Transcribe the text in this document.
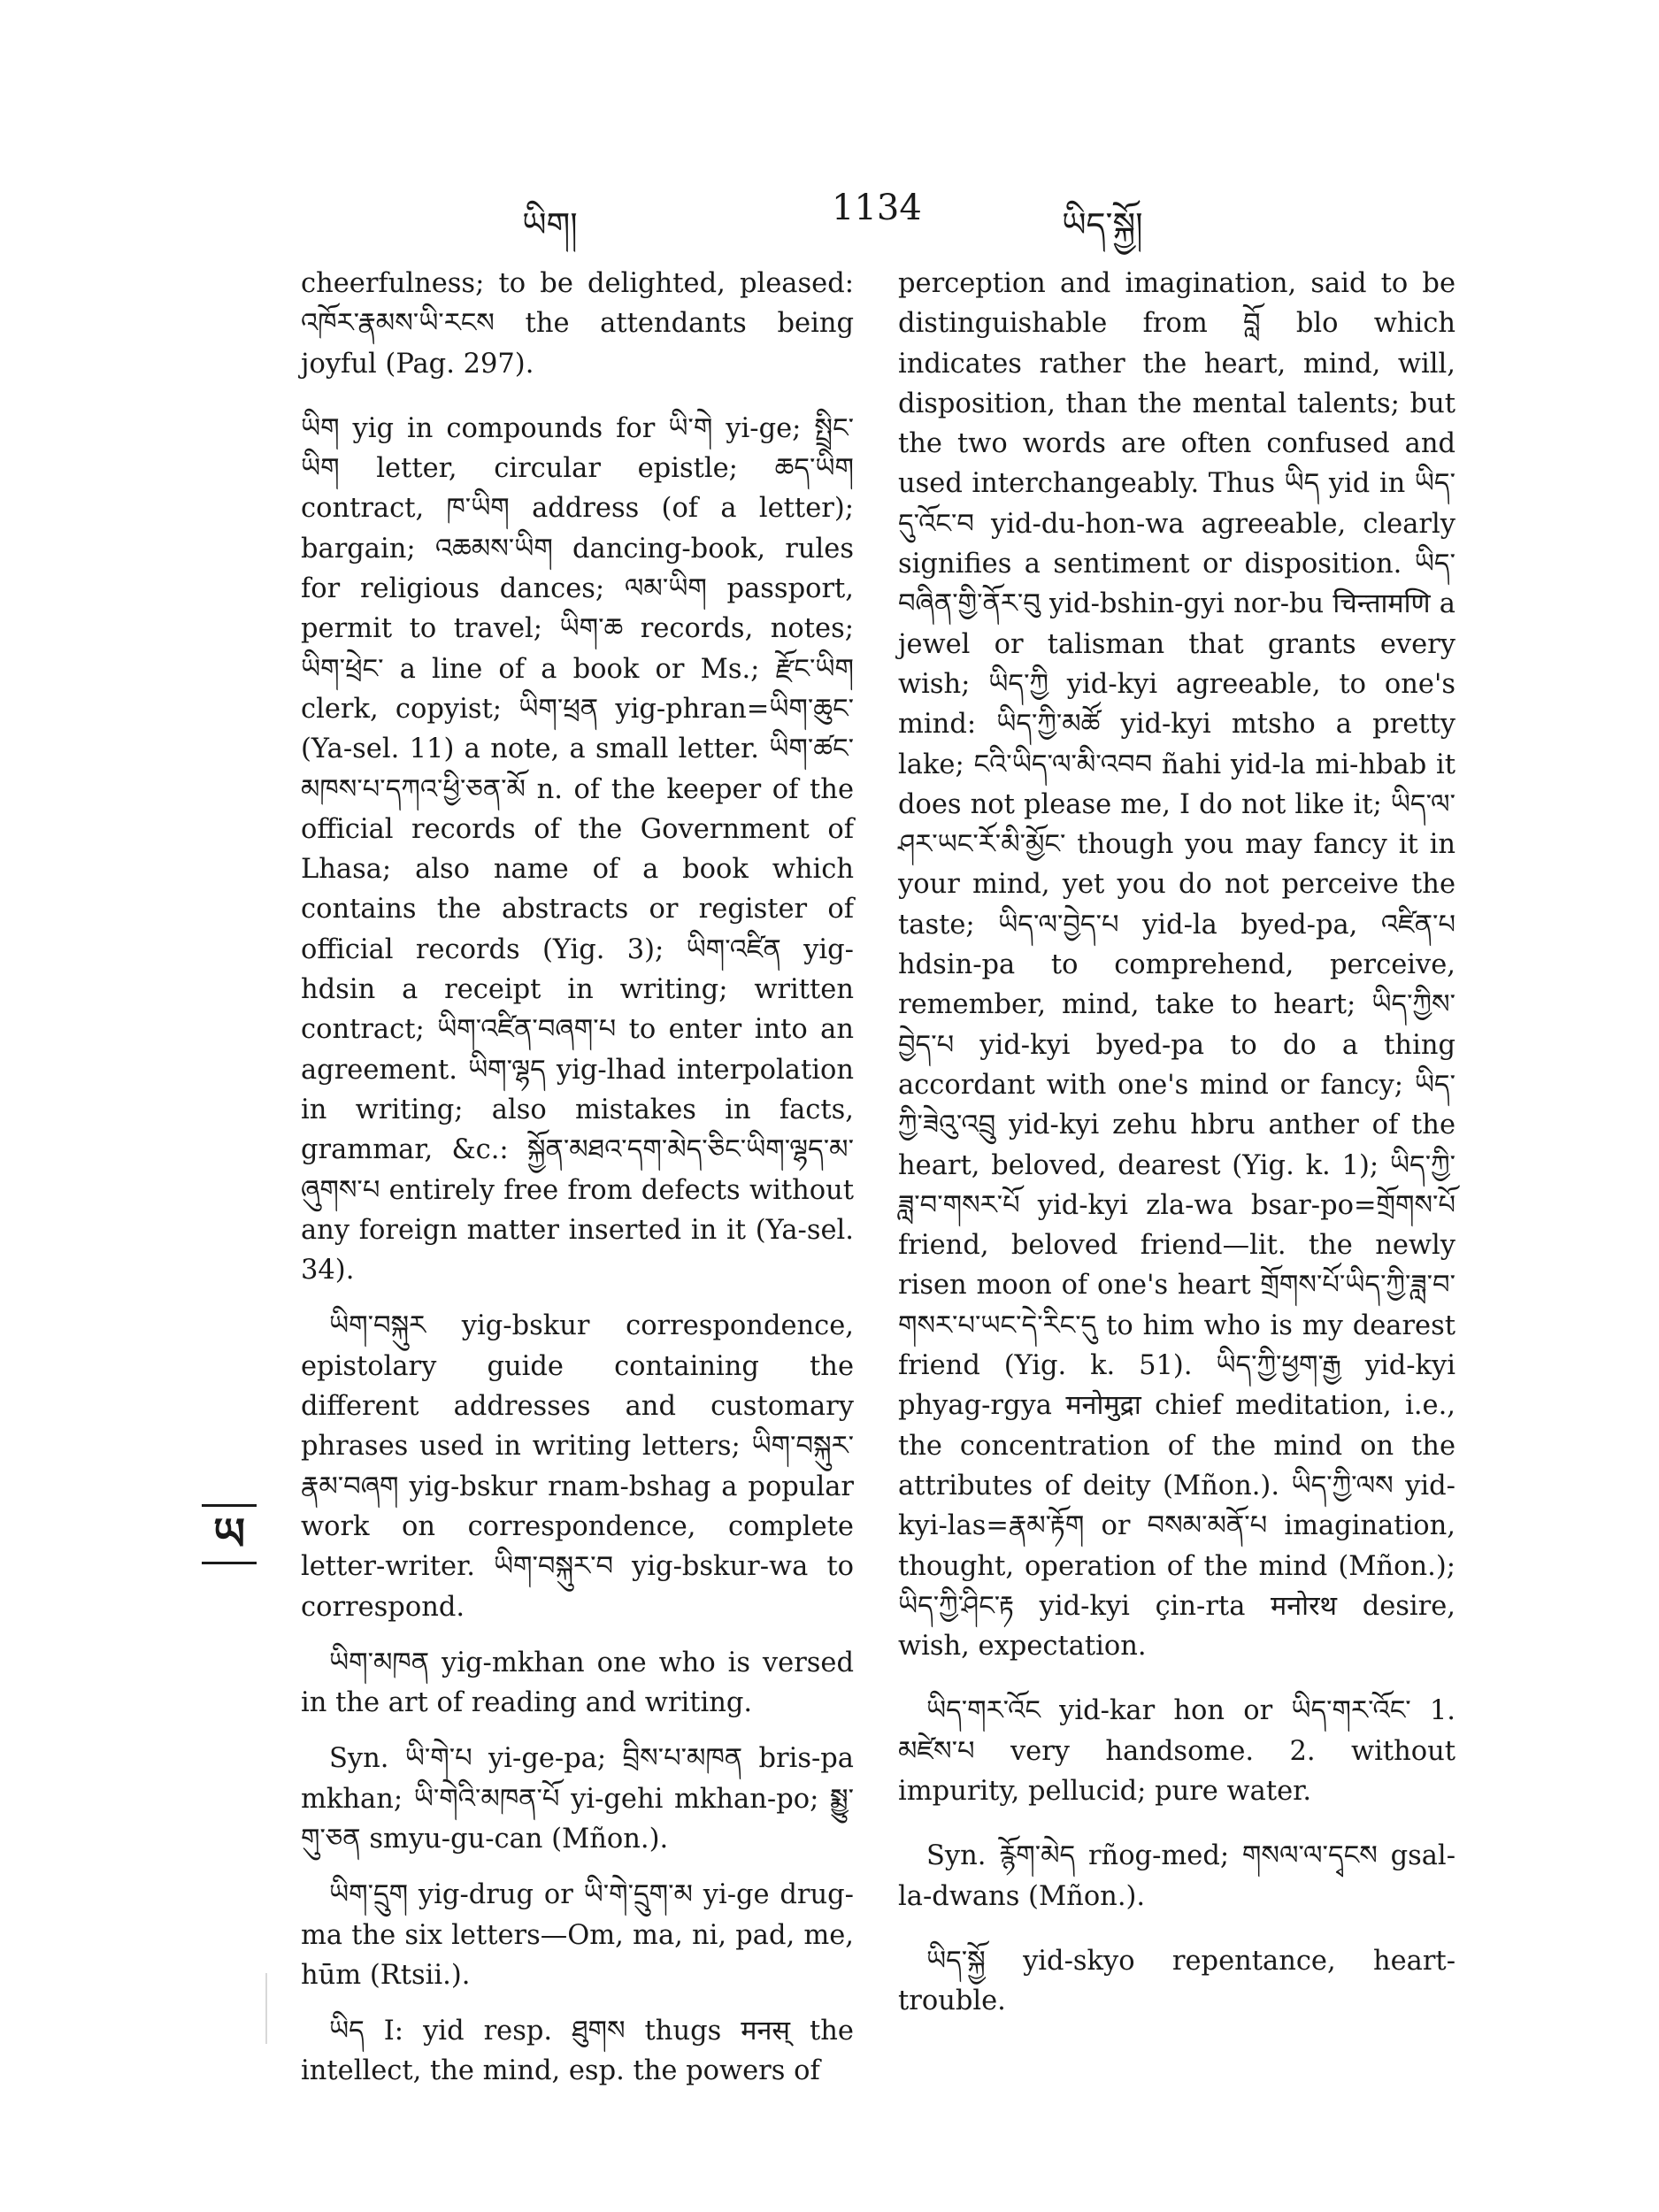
ཡིག།	1134	ཡིད་སྐྱོ།

cheerfulness; to be delighted, pleased: འཁོར་རྣམས་ཡི་རངས the attendants being joyful (Pag. 297).

ཡིག yig in compounds for ཡི་གེ yi-ge; སྤྲིང་ཡིག letter, circular epistle; ཆད་ཡིག contract, ཁ་ཡིག address (of a letter); bargain; འཆམས་ཡིག dancing-book, rules for religious dances; ལམ་ཡིག passport, permit to travel; ཡིག་ཆ records, notes; ཡིག་ཕྲེང་ a line of a book or Ms.; རྫོང་ཡིག clerk, copyist; ཡིག་ཕྲན yig-phran=ཡིག་ཆུང་ (Ya-sel. 11) a note, a small letter. ཡིག་ཚང་མཁས་པ་དཀའ་ཕྱི་ཅན་མོ n. of the keeper of the official records of the Government of Lhasa; also name of a book which contains the abstracts or register of official records (Yig. 3); ཡིག་འཛིན yig-hdsin a receipt in writing; written contract; ཡིག་འཛིན་བཞག་པ to enter into an agreement. ཡིག་ལྷད yig-lhad interpolation in writing; also mistakes in facts, grammar, &c.: སྐྱོན་མཐའ་དག་མེད་ཅིང་ཡིག་ལྷད་མ་ཞུགས་པ entirely free from defects without any foreign matter inserted in it (Ya-sel. 34).

ཡིག་བསྐུར yig-bskur correspondence, epistolary guide containing the different addresses and customary phrases used in writing letters; ཡིག་བསྐུར་རྣམ་བཞག yig-bskur rnam-bshag a popular work on correspondence, complete letter-writer. ཡིག་བསྐུར་བ yig-bskur-wa to correspond.

ཡིག་མཁན yig-mkhan one who is versed in the art of reading and writing.

Syn. ཡི་གེ་པ yi-ge-pa; བྲིས་པ་མཁན bris-pa mkhan; ཡི་གེའི་མཁན་པོ yi-gehi mkhan-po; སྨྱུ་གུ་ཅན smyu-gu-can (Mñon.).

ཡིག་དྲུག yig-drug or ཡི་གེ་དྲུག་མ yi-ge drug-ma the six letters—Om, ma, ni, pad, me, hūm (Rtsii.).

ཡིད I: yid resp. ཐུགས thugs मनस् the intellect, the mind, esp. the powers of

perception and imagination, said to be distinguishable from བློ blo which indicates rather the heart, mind, will, disposition, than the mental talents; but the two words are often confused and used interchangeably. Thus ཡིད yid in ཡིད་དུ་འོང་བ yid-du-hon-wa agreeable, clearly signifies a sentiment or disposition. ཡིད་བཞིན་གྱི་ནོར་བུ yid-bshin-gyi nor-bu चिन्तामणि a jewel or talisman that grants every wish; ཡིད་ཀྱི yid-kyi agreeable, to one's mind: ཡིད་ཀྱི་མཚོ yid-kyi mtsho a pretty lake; ངའི་ཡིད་ལ་མི་འབབ ñahi yid-la mi-hbab it does not please me, I do not like it; ཡིད་ལ་ཤར་ཡང་རོ་མི་མྱོང་ though you may fancy it in your mind, yet you do not perceive the taste; ཡིད་ལ་བྱེད་པ yid-la byed-pa, འཛིན་པ hdsin-pa to comprehend, perceive, remember, mind, take to heart; ཡིད་ཀྱིས་བྱེད་པ yid-kyi byed-pa to do a thing accordant with one's mind or fancy; ཡིད་ཀྱི་ཟེའུ་འབྲུ yid-kyi zehu hbru anther of the heart, beloved, dearest (Yig. k. 1); ཡིད་ཀྱི་ཟླ་བ་གསར་པོ yid-kyi zla-wa bsar-po=གྲོགས་པོ friend, beloved friend—lit. the newly risen moon of one's heart གྲོགས་པོ་ཡིད་ཀྱི་ཟླ་བ་གསར་པ་ཡང་དེ་རིང་དུ to him who is my dearest friend (Yig. k. 51). ཡིད་ཀྱི་ཕྱག་རྒྱ yid-kyi phyag-rgya मनोमुद्रा chief meditation, i.e., the concentration of the mind on the attributes of deity (Mñon.). ཡིད་ཀྱི་ལས yid-kyi-las=རྣམ་རྟོག or བསམ་མནོ་པ imagination, thought, operation of the mind (Mñon.); ཡིད་ཀྱི་ཤིང་རྟ yid-kyi çin-rta मनोरथ desire, wish, expectation.

ཡིད་གར་འོང yid-kar hon or ཡིད་གར་འོང་ 1. མཛེས་པ very handsome. 2. without impurity, pellucid; pure water.

Syn. རྙོག་མེད rñog-med; གསལ་ལ་དྭངས gsal-la-dwans (Mñon.).

ཡིད་སྐྱོ yid-skyo repentance, heart-trouble.

ཡ
